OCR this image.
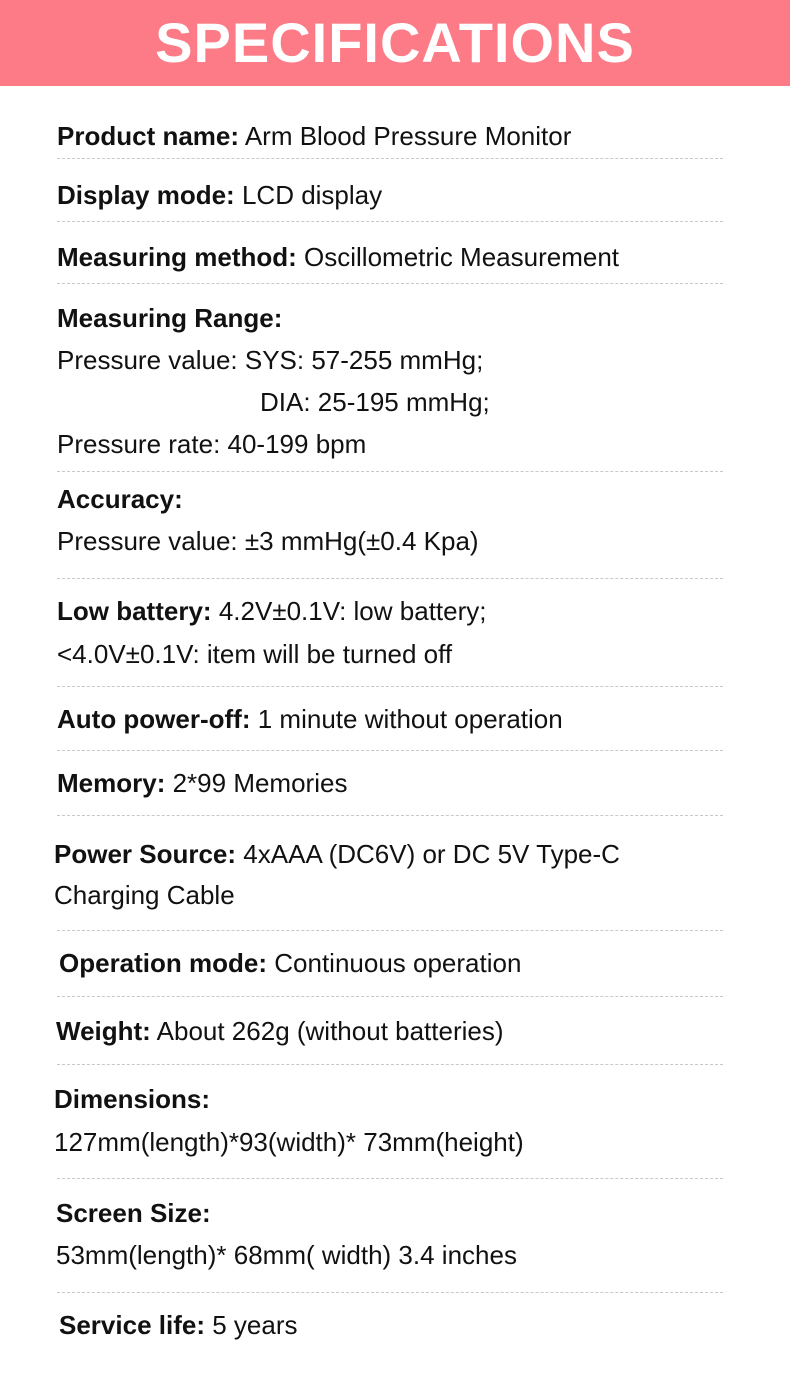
SPECIFICATIONS
Product name: Arm Blood Pressure Monitor
Display mode: LCD display
Measuring method: Oscillometric Measurement
Measuring Range:
Pressure value: SYS: 57-255 mmHg;
DIA: 25-195 mmHg;
Pressure rate: 40-199 bpm
Accuracy:
Pressure value: ±3 mmHg(±0.4 Kpa)
Low battery: 4.2V±0.1V: low battery;
<4.0V±0.1V: item will be turned off
Auto power-off: 1 minute without operation
Memory: 2*99 Memories
Power Source: 4xAAA (DC6V) or DC 5V Type-C
Charging Cable
Operation mode: Continuous operation
Weight: About 262g (without batteries)
Dimensions:
127mm(length)*93(width)* 73mm(height)
Screen Size:
53mm(length)* 68mm( width) 3.4 inches
Service life: 5 years
